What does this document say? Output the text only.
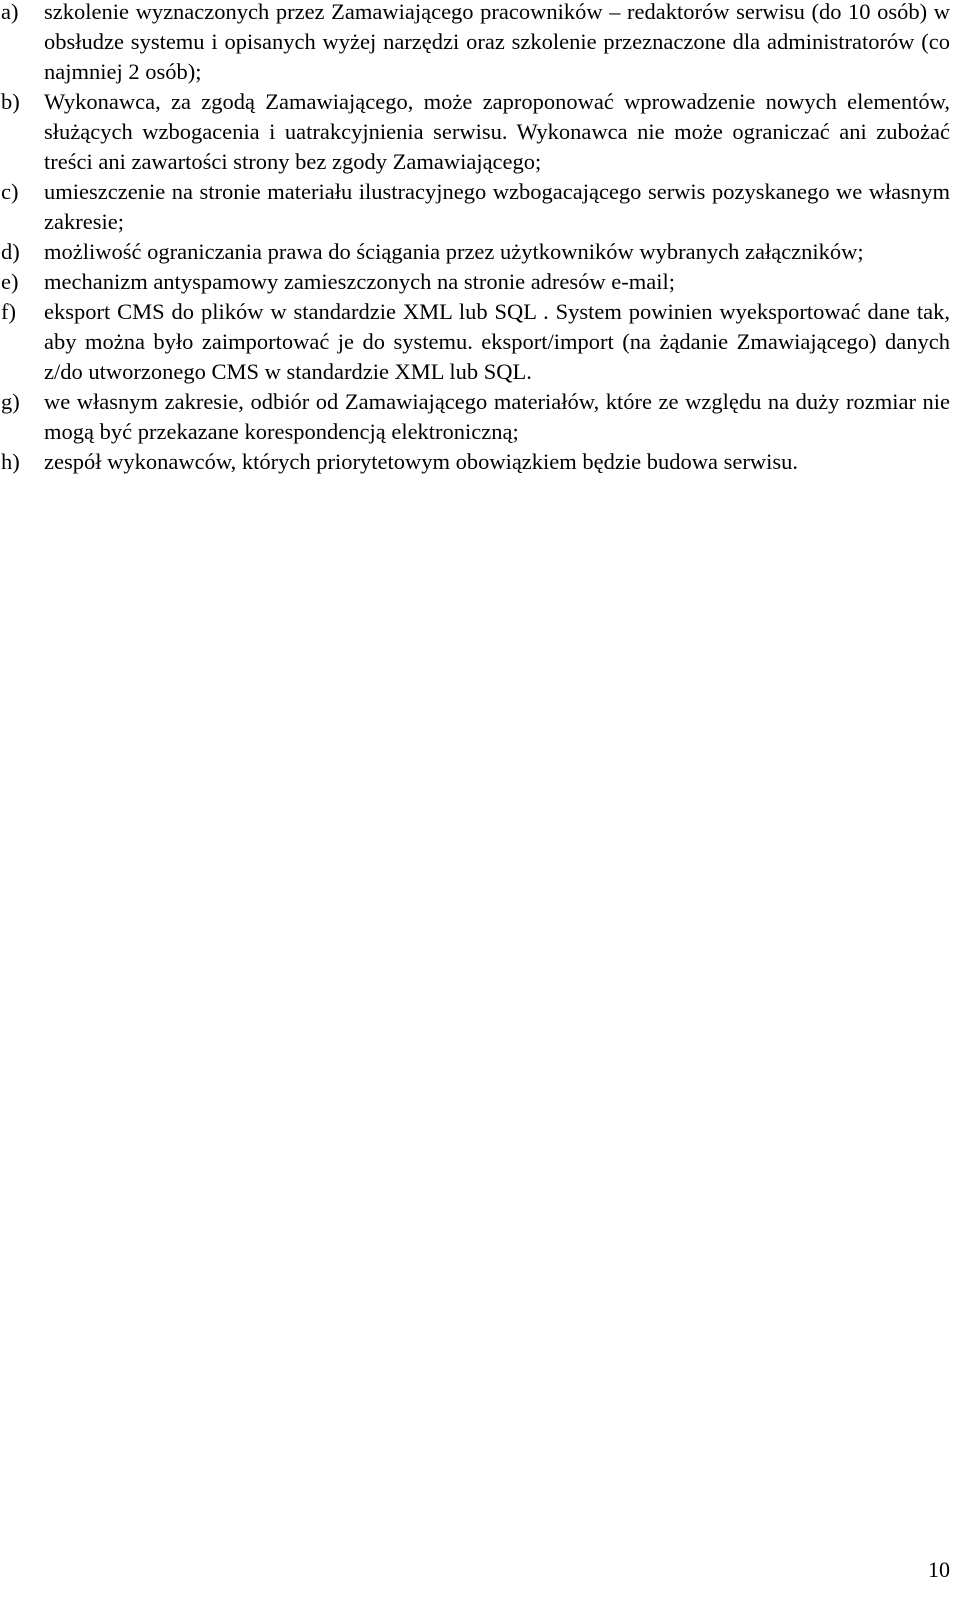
a) szkolenie wyznaczonych przez Zamawiającego pracowników – redaktorów serwisu (do 10 osób) w obsłudze systemu i opisanych wyżej narzędzi oraz szkolenie przeznaczone dla administratorów (co najmniej 2 osób);
b) Wykonawca, za zgodą Zamawiającego, może zaproponować wprowadzenie nowych elementów, służących wzbogacenia i uatrakcyjnienia serwisu. Wykonawca nie może ograniczać ani zubożać treści ani zawartości strony bez zgody Zamawiającego;
c) umieszczenie na stronie materiału ilustracyjnego wzbogacającego serwis pozyskanego we własnym zakresie;
d) możliwość ograniczania prawa do ściągania przez użytkowników wybranych załączników;
e) mechanizm antyspamowy zamieszczonych na stronie adresów e-mail;
f) eksport CMS do plików w standardzie XML lub SQL . System powinien wyeksportować dane tak, aby można było zaimportować je do systemu. eksport/import (na żądanie Zmawiającego) danych z/do utworzonego CMS w standardzie XML lub SQL.
g) we własnym zakresie, odbiór od Zamawiającego materiałów, które ze względu na duży rozmiar nie mogą być przekazane korespondencją elektroniczną;
h) zespół wykonawców, których priorytetowym obowiązkiem będzie budowa serwisu.
10
